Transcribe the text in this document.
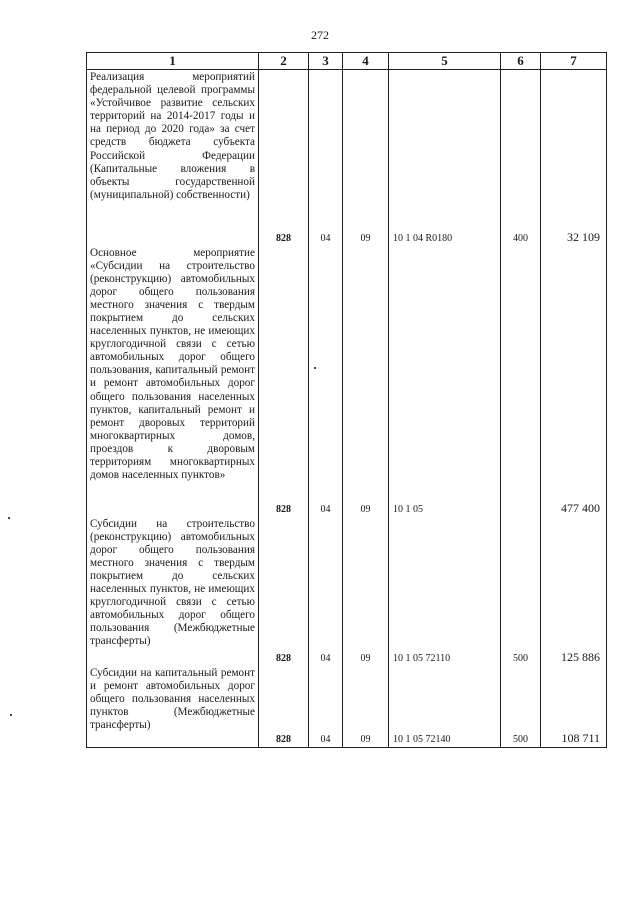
272
1	2	3	4	5	6	7
Реализация мероприятий федеральной целевой программы «Устойчивое развитие сельских территорий на 2014-2017 годы и на период до 2020 года» за счет средств бюджета субъекта Российской Федерации (Капитальные вложения в объекты государственной (муниципальной) собственности)	828	04	09	10 1 04 R0180	400	32 109
Основное мероприятие «Субсидии на строительство (реконструкцию) автомобильных дорог общего пользования местного значения с твердым покрытием до сельских населенных пунктов, не имеющих круглогодичной связи с сетью автомобильных дорог общего пользования, капитальный ремонт и ремонт автомобильных дорог общего пользования населенных пунктов, капитальный ремонт и ремонт дворовых территорий многоквартирных домов, проездов к дворовым территориям многоквартирных домов населенных пунктов»	828	04	09	10 1 05		477 400
Субсидии на строительство (реконструкцию) автомобильных дорог общего пользования местного значения с твердым покрытием до сельских населенных пунктов, не имеющих круглогодичной связи с сетью автомобильных дорог общего пользования (Межбюджетные трансферты)	828	04	09	10 1 05 72110	500	125 886
Субсидии на капитальный ремонт и ремонт автомобильных дорог общего пользования населенных пунктов (Межбюджетные трансферты)	828	04	09	10 1 05 72140	500	108 711
